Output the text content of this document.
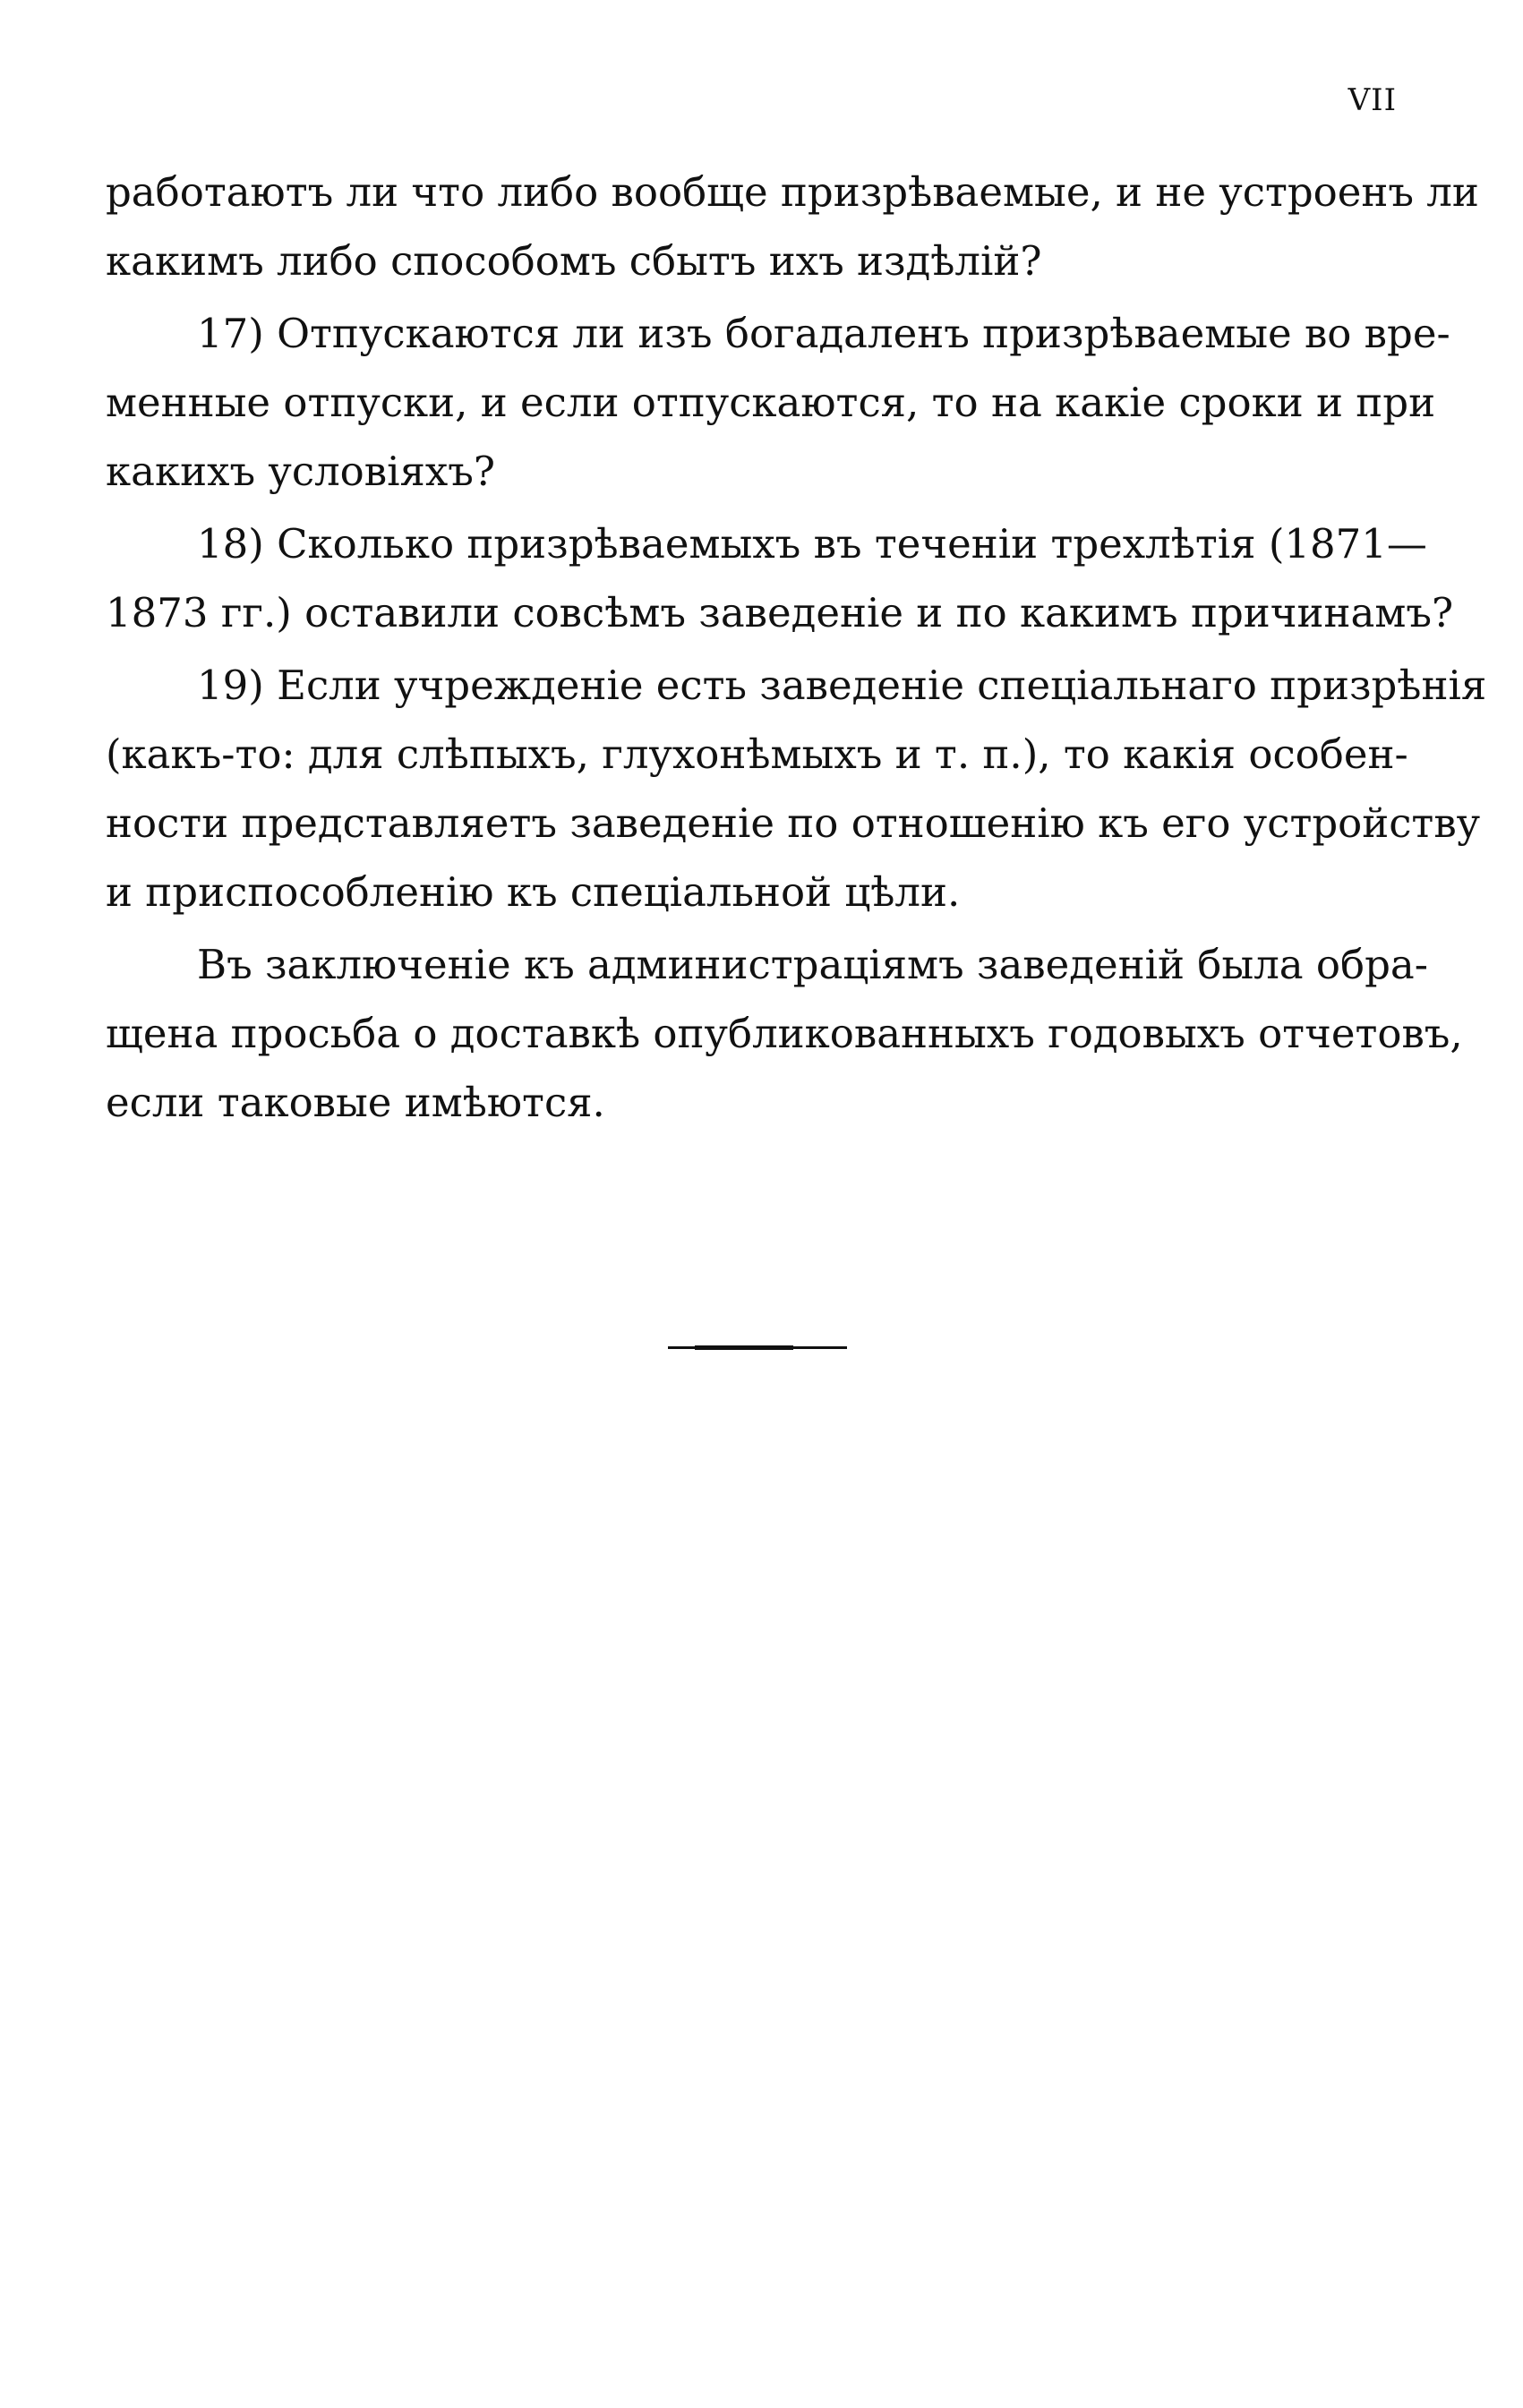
VII
работаютъ ли что либо вообще призрѣваемые, и не устроенъ ли
какимъ либо способомъ сбытъ ихъ издѣлій?
17) Отпускаются ли изъ богадаленъ призрѣваемые во вре-
менные отпуски, и если отпускаются, то на какіе сроки и при
какихъ условіяхъ?
18) Сколько призрѣваемыхъ въ теченіи трехлѣтія (1871—
1873 гг.) оставили совсѣмъ заведеніе и по какимъ причинамъ?
19) Если учрежденіе есть заведеніе спеціальнаго призрѣнія
(какъ-то: для слѣпыхъ, глухонѣмыхъ и т. п.), то какія особен-
ности представляетъ заведеніе по отношенію къ его устройству
и приспособленію къ спеціальной цѣли.
Въ заключеніе къ администраціямъ заведеній была обра-
щена просьба о доставкѣ опубликованныхъ годовыхъ отчетовъ,
если таковые имѣются.
